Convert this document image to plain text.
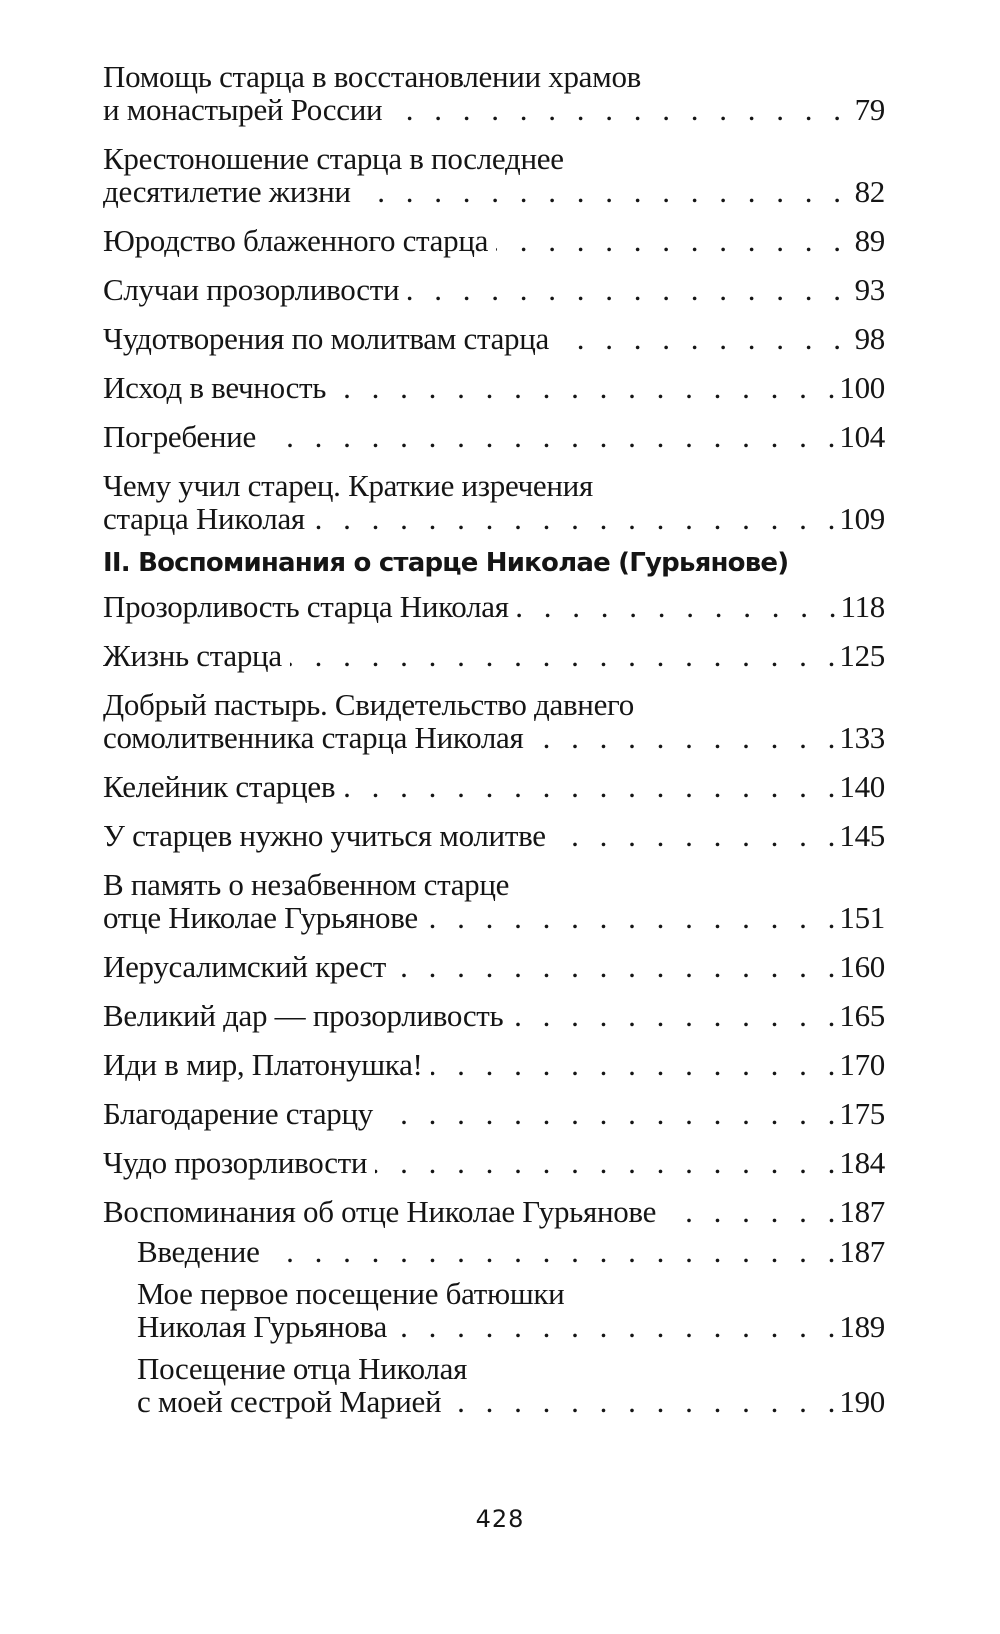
Помощь старца в восстановлении храмов
и монастырей России . . .	79
Крестоношение старца в последнее
десятилетие жизни . . .	82
Юродство блаженного старца . . .	89
Случаи прозорливости . . .	93
Чудотворения по молитвам старца . . .	98
Исход в вечность . . .	100
Погребение . . .	104
Чему учил старец. Краткие изречения
старца Николая . . .	109
II. Воспоминания о старце Николае (Гурьянове)
Прозорливость старца Николая . . .	118
Жизнь старца . . .	125
Добрый пастырь. Свидетельство давнего
сомолитвенника старца Николая . . .	133
Келейник старцев . . .	140
У старцев нужно учиться молитве . . .	145
В память о незабвенном старце
отце Николае Гурьянове . . .	151
Иерусалимский крест . . .	160
Великий дар — прозорливость . . .	165
Иди в мир, Платонушка! . . .	170
Благодарение старцу . . .	175
Чудо прозорливости . . .	184
Воспоминания об отце Николае Гурьянове . . .	187
Введение . . .	187
Мое первое посещение батюшки
Николая Гурьянова . . .	189
Посещение отца Николая
с моей сестрой Марией . . .	190
428
